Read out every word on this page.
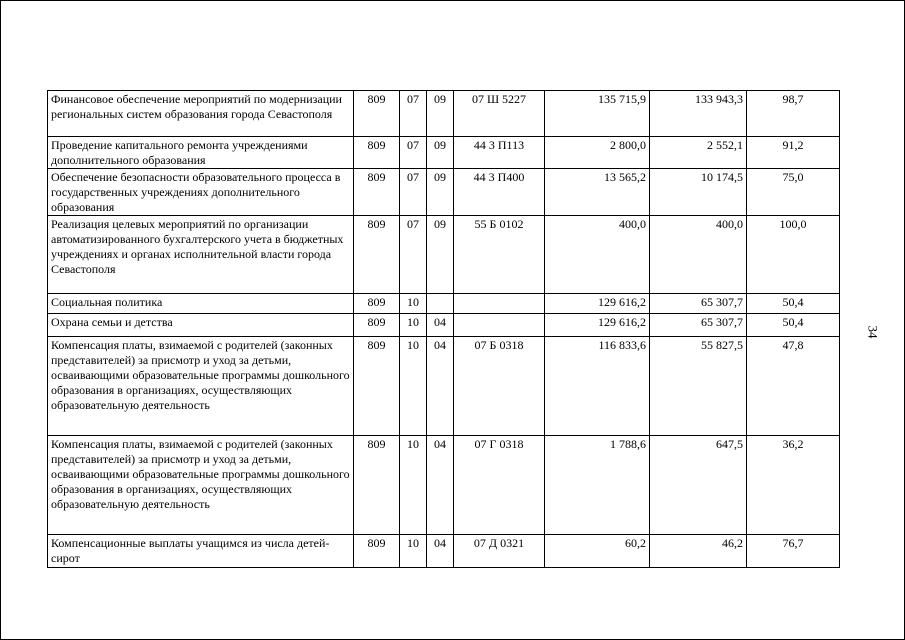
Финансовое обеспечение мероприятий по модернизации региональных систем образования города Севастополя	809	07	09	07 Ш 5227	135 715,9	133 943,3	98,7
Проведение капитального ремонта учреждениями дополнительного образования	809	07	09	44 3 П113	2 800,0	2 552,1	91,2
Обеспечение безопасности образовательного процесса в государственных учреждениях дополнительного образования	809	07	09	44 3 П400	13 565,2	10 174,5	75,0
Реализация целевых мероприятий по организации автоматизированного бухгалтерского учета в бюджетных учреждениях и органах исполнительной власти города Севастополя	809	07	09	55 Б 0102	400,0	400,0	100,0
Социальная политика	809	10			129 616,2	65 307,7	50,4
Охрана семьи и детства	809	10	04		129 616,2	65 307,7	50,4
Компенсация платы, взимаемой с родителей (законных представителей) за присмотр и уход за детьми, осваивающими образовательные программы дошкольного образования в организациях, осуществляющих образовательную деятельность	809	10	04	07 Б 0318	116 833,6	55 827,5	47,8
Компенсация платы, взимаемой с родителей (законных представителей) за присмотр и уход за детьми, осваивающими образовательные программы дошкольного образования в организациях, осуществляющих образовательную деятельность	809	10	04	07 Г 0318	1 788,6	647,5	36,2
Компенсационные выплаты учащимся из числа детей-сирот	809	10	04	07 Д 0321	60,2	46,2	76,7
34
